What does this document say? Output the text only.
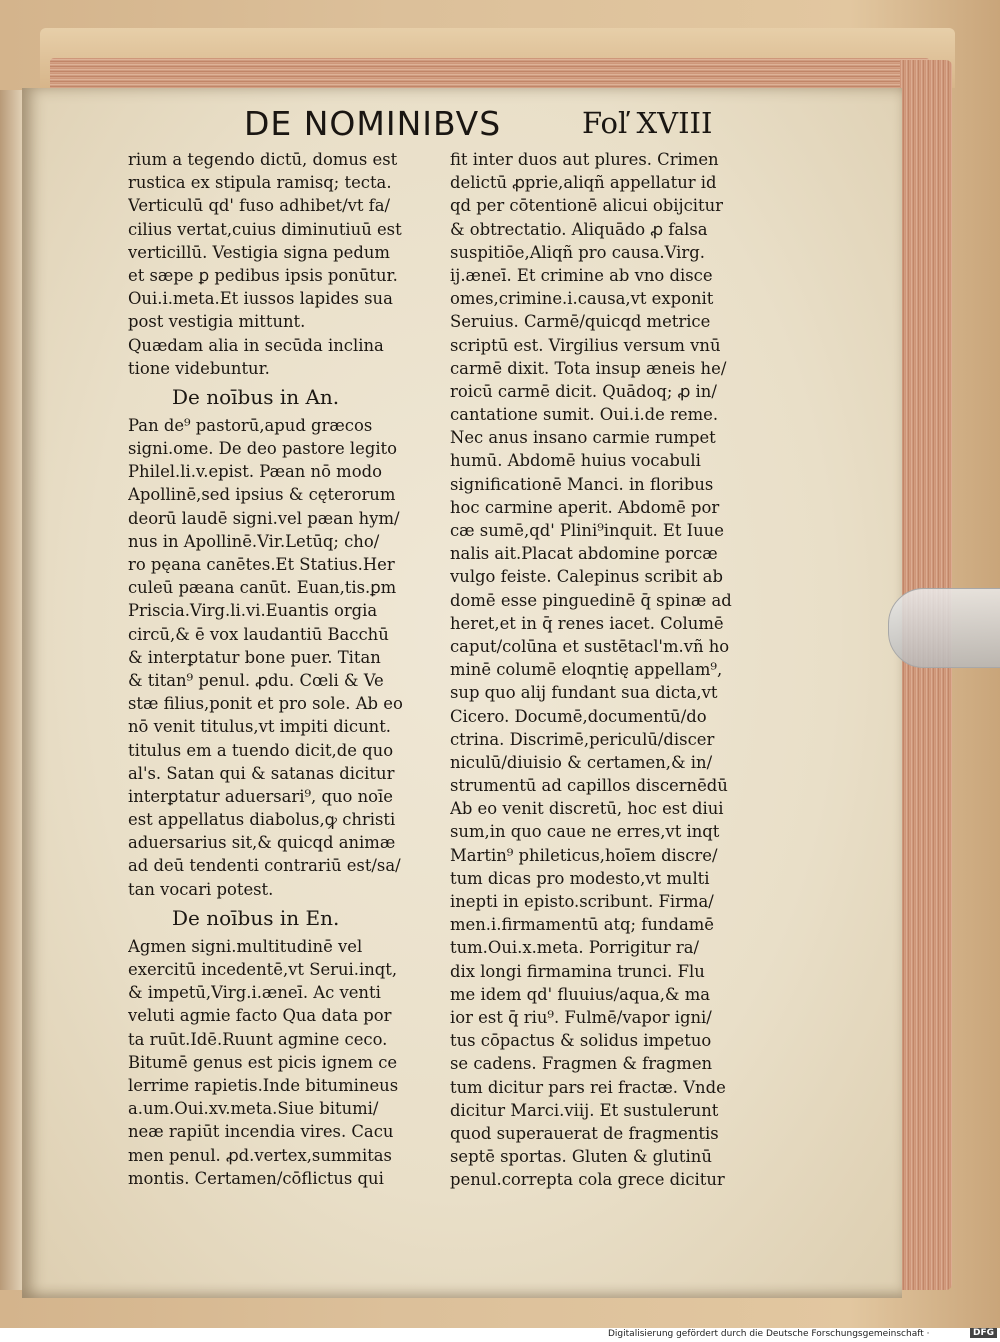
DE NOMINIBVS	Foľ XVIII
rium a tegendo dictū, domus est
rustica ex stipula ramisq; tecta.
Verticulū qd' fuso adhibet/vt fa/
cilius vertat,cuius diminutiuū est
verticillū. Vestigia signa pedum
et sæpe ꝑ pedibus ipsis ponūtur.
Oui.i.meta.Et iussos lapides sua
post vestigia mittunt.
Quædam alia in secūda inclina
tione videbuntur.
De noībus in An.
Pan de⁹ pastorū,apud græcos
signi.ome. De deo pastore legito
Philel.li.v.epist. Pæan nō modo
Apollinē,sed ipsius & cęterorum
deorū laudē signi.vel pæan hym/
nus in Apollinē.Vir.Letūq; cho/
ro pęana canētes.Et Statius.Her
culeū pæana canūt. Euan,tis.ꝑm
Priscia.Virg.li.vi.Euantis orgia
circū,& ē vox laudantiū Bacchū
& interꝑtatur bone puer. Titan
& titan⁹ penul. ꝓdu. Cœli & Ve
stæ filius,ponit et pro sole. Ab eo
nō venit titulus,vt impiti dicunt.
titulus em a tuendo dicit,de quo
al's. Satan qui & satanas dicitur
interꝑtatur aduersari⁹, quo noīe
est appellatus diabolus,ꝙ christi
aduersarius sit,& quicqd animæ
ad deū tendenti contrariū est/sa/
tan vocari potest.
De noībus in En.
Agmen signi.multitudinē vel
exercitū incedentē,vt Serui.inqt,
& impetū,Virg.i.æneī. Ac venti
veluti agmie facto Qua data por
ta ruūt.Idē.Ruunt agmine ceco.
Bitumē genus est picis ignem ce
lerrime rapietis.Inde bitumineus
a.um.Oui.xv.meta.Siue bitumi/
neæ rapiūt incendia vires. Cacu
men penul. ꝓd.vertex,summitas
montis. Certamen/cōflictus qui
fit inter duos aut plures. Crimen
delictū ꝓprie,aliqñ appellatur id
qd per cōtentionē alicui obijcitur
& obtrectatio. Aliquādo ꝓ falsa
suspitiōe,Aliqñ pro causa.Virg.
ij.æneī. Et crimine ab vno disce
omes,crimine.i.causa,vt exponit
Seruius. Carmē/quicqd metrice
scriptū est. Virgilius versum vnū
carmē dixit. Tota insup æneis he/
roicū carmē dicit. Quādoq; ꝓ in/
cantatione sumit. Oui.i.de reme.
Nec anus insano carmie rumpet
humū. Abdomē huius vocabuli
significationē Manci. in floribus
hoc carmine aperit. Abdomē por
cæ sumē,qd' Plini⁹inquit. Et Iuue
nalis ait.Placat abdomine porcæ
vulgo feiste. Calepinus scribit ab
domē esse pinguedinē q̄ spinæ ad
heret,et in q̄ renes iacet. Columē
caput/colūna et sustētacl'm.vñ ho
minē columē eloqntię appellam⁹,
sup quo alij fundant sua dicta,vt
Cicero. Documē,documentū/do
ctrina. Discrimē,periculū/discer
niculū/diuisio & certamen,& in/
strumentū ad capillos discernēdū
Ab eo venit discretū, hoc est diui
sum,in quo caue ne erres,vt inqt
Martin⁹ phileticus,hoīem discre/
tum dicas pro modesto,vt multi
inepti in episto.scribunt. Firma/
men.i.firmamentū atq; fundamē
tum.Oui.x.meta. Porrigitur ra/
dix longi firmamina trunci. Flu
me idem qd' fluuius/aqua,& ma
ior est q̄ riu⁹. Fulmē/vapor igni/
tus cōpactus & solidus impetuo
se cadens. Fragmen & fragmen
tum dicitur pars rei fractæ. Vnde
dicitur Marci.viij. Et sustulerunt
quod superauerat de fragmentis
septē sportas. Gluten & glutinū
penul.correpta cola grece dicitur
Digitalisierung gefördert durch die Deutsche Forschungsgemeinschaft ·	DFG
